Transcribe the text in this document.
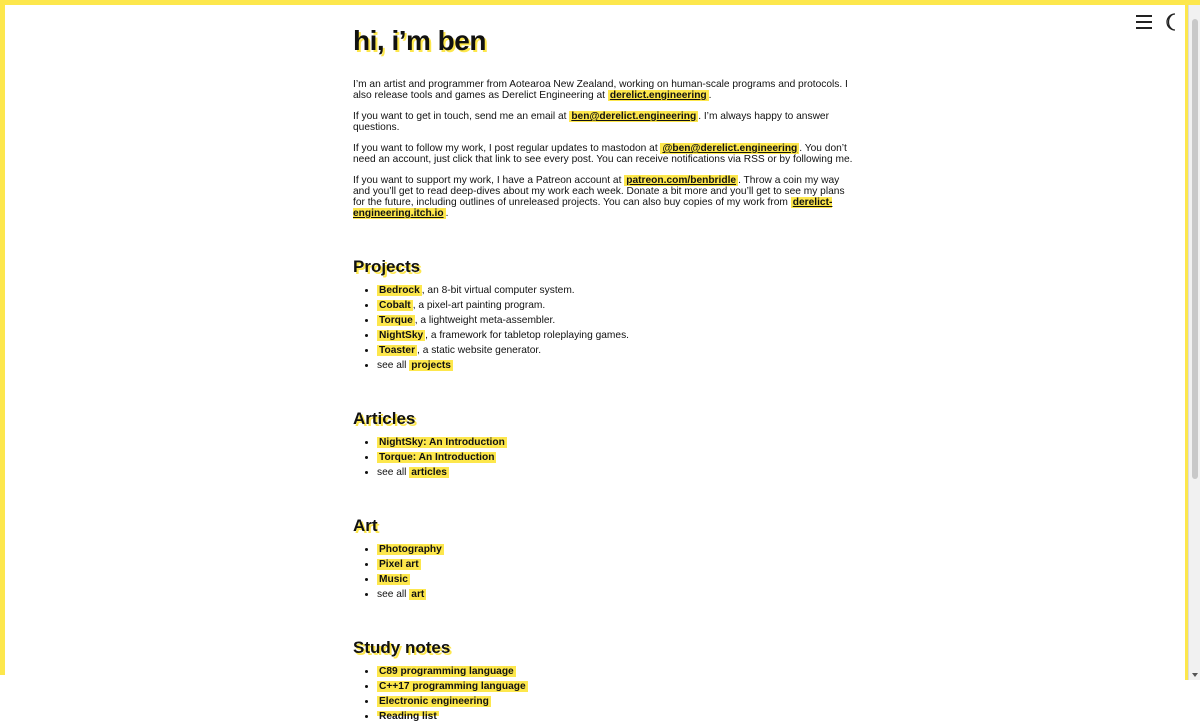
hi, i’m ben

I’m an artist and programmer from Aotearoa New Zealand, working on human-scale programs and protocols. I also release tools and games as Derelict Engineering at derelict.engineering .

If you want to get in touch, send me an email at ben@derelict.engineering . I’m always happy to answer questions.

If you want to follow my work, I post regular updates to mastodon at @ben@derelict.engineering . You don’t need an account, just click that link to see every post. You can receive notifications via RSS or by following me.

If you want to support my work, I have a Patreon account at patreon.com/benbridle . Throw a coin my way and you’ll get to read deep-dives about my work each week. Donate a bit more and you’ll get to see my plans for the future, including outlines of unreleased projects. You can also buy copies of my work from derelict-engineering.itch.io .

Projects
• Bedrock , an 8-bit virtual computer system.
• Cobalt , a pixel-art painting program.
• Torque , a lightweight meta-assembler.
• NightSky , a framework for tabletop roleplaying games.
• Toaster , a static website generator.
• see all projects
Articles
• NightSky: An Introduction
• Torque: An Introduction
• see all articles
Art
• Photography
• Pixel art
• Music
• see all art
Study notes
• C89 programming language
• C++17 programming language
• Electronic engineering
• Reading list
